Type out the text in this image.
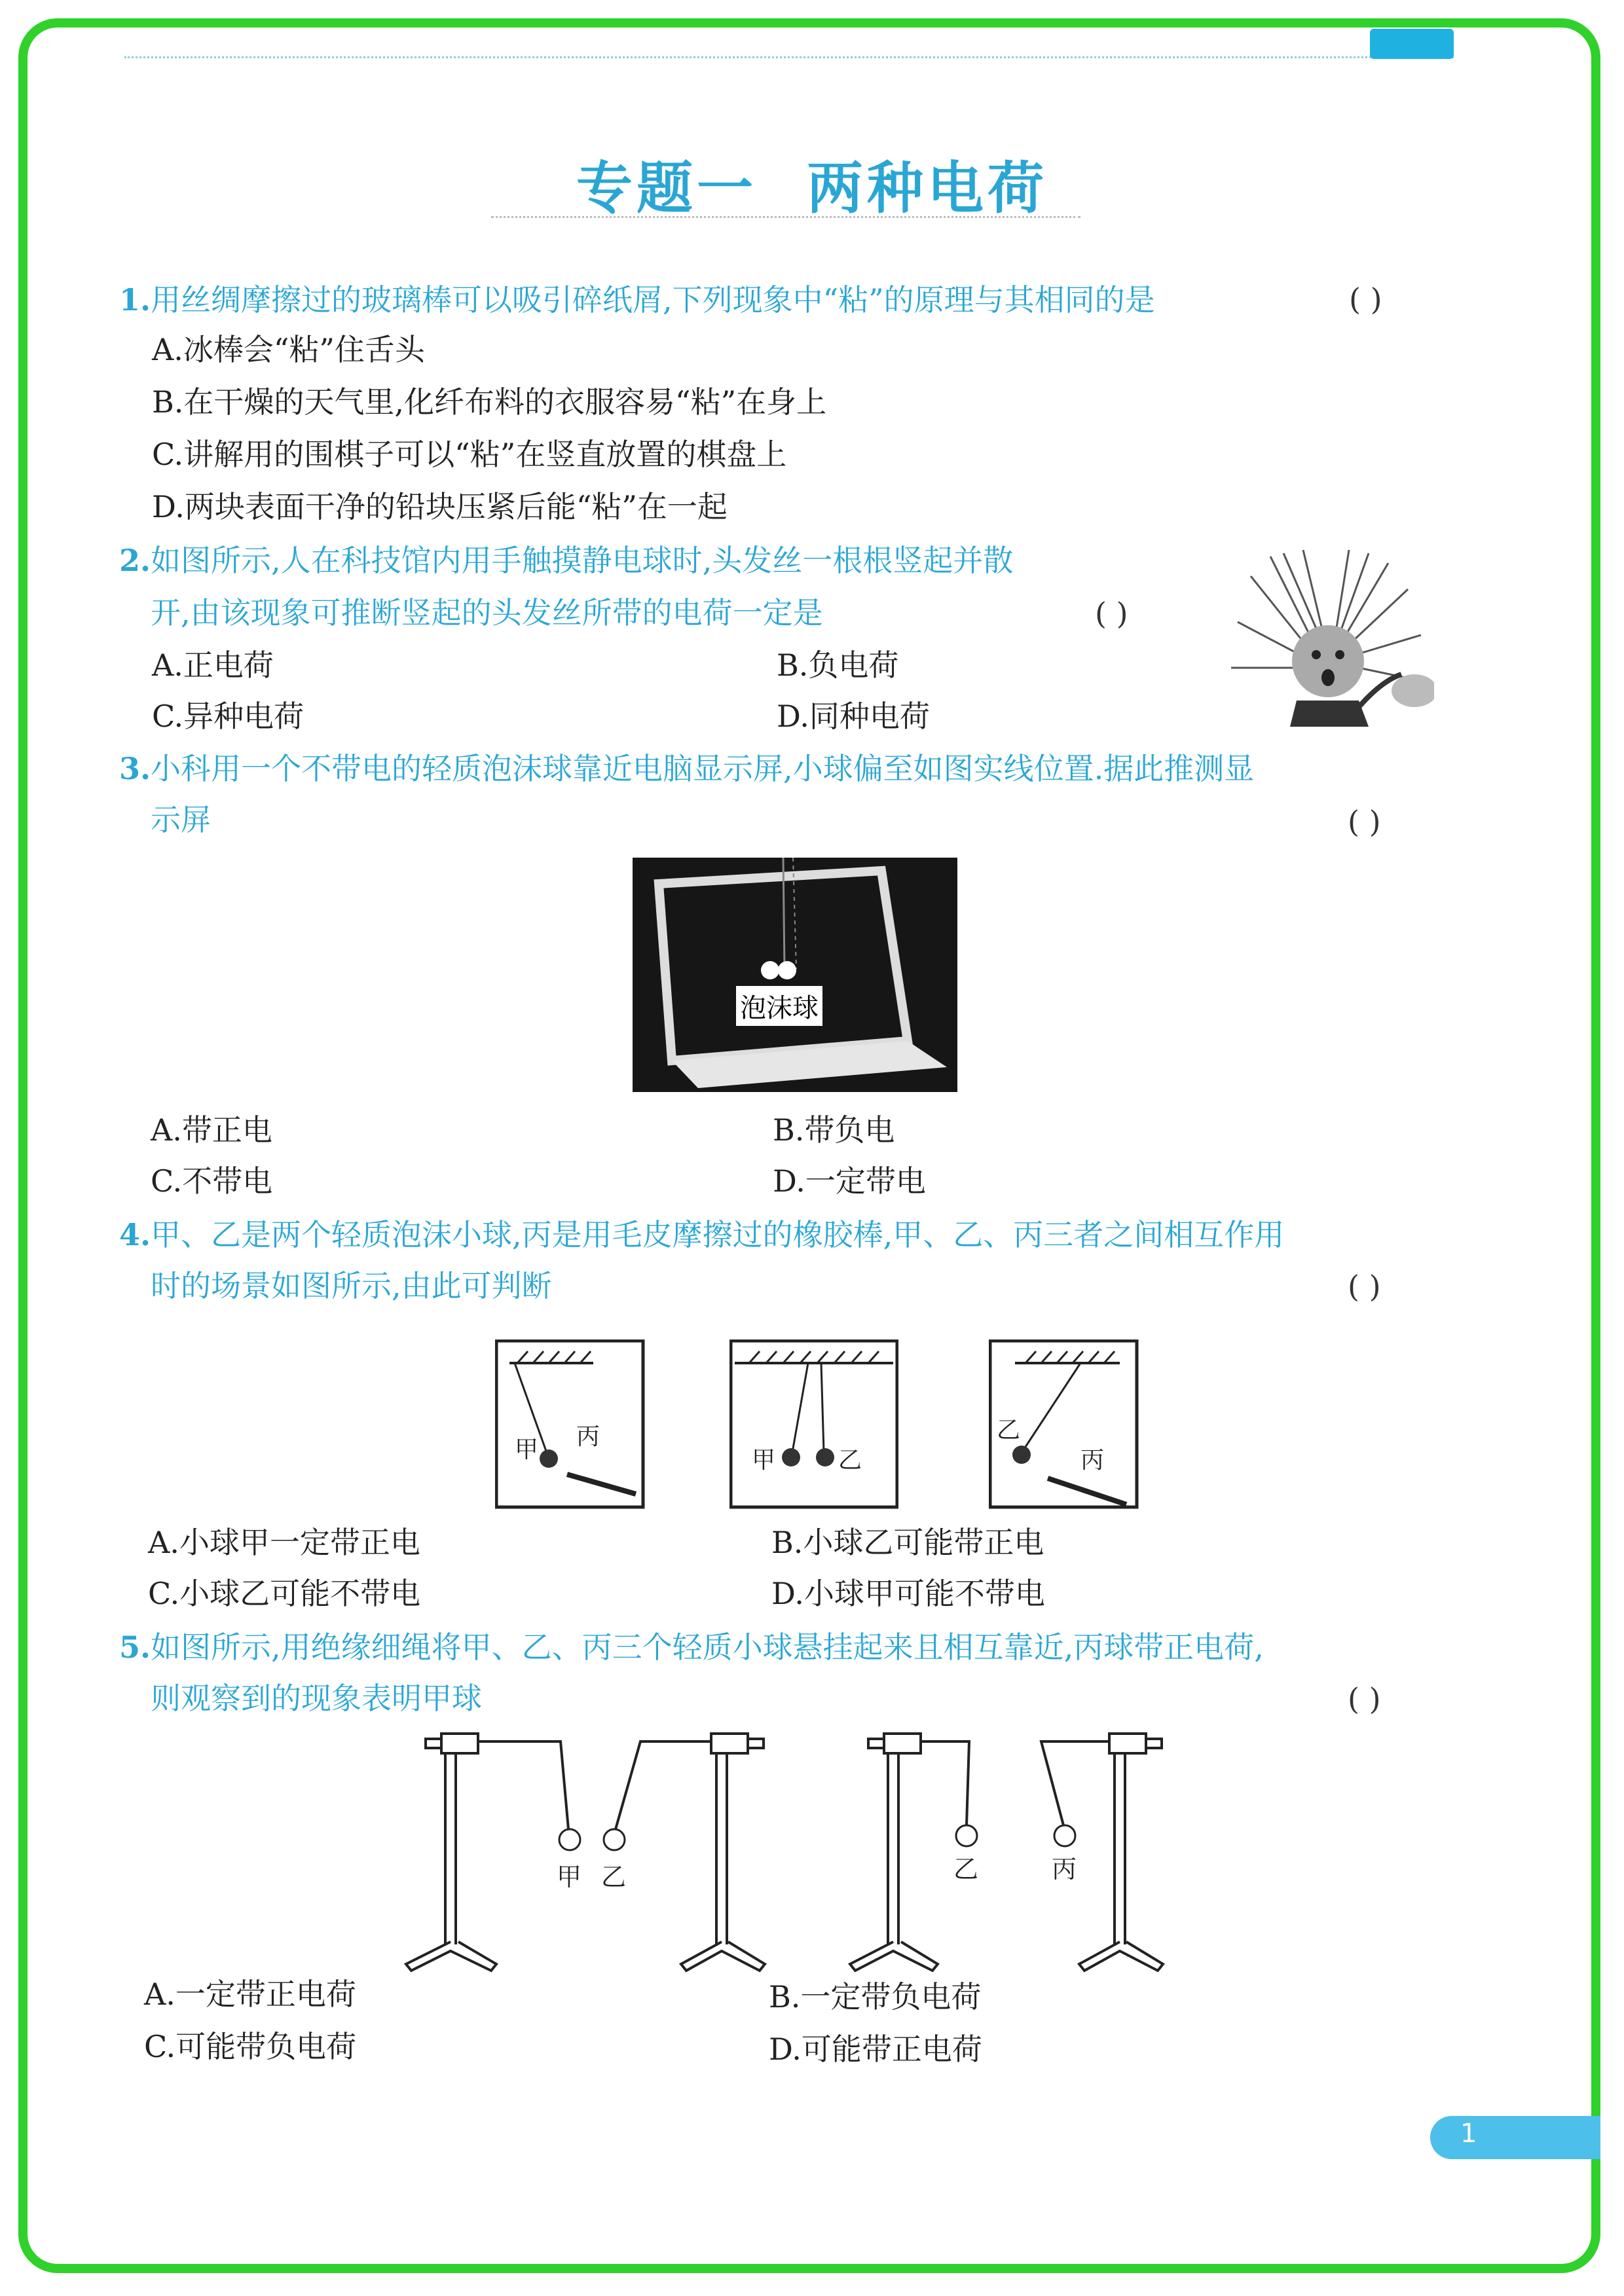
专题一 两种电荷
1.用丝绸摩擦过的玻璃棒可以吸引碎纸屑,下列现象中“粘”的原理与其相同的是	( )
A.冰棒会“粘”住舌头
B.在干燥的天气里,化纤布料的衣服容易“粘”在身上
C.讲解用的围棋子可以“粘”在竖直放置的棋盘上
D.两块表面干净的铅块压紧后能“粘”在一起
2.如图所示,人在科技馆内用手触摸静电球时,头发丝一根根竖起并散
开,由该现象可推断竖起的头发丝所带的电荷一定是	( )
A.正电荷	B.负电荷
C.异种电荷	D.同种电荷
3.小科用一个不带电的轻质泡沫球靠近电脑显示屏,小球偏至如图实线位置.据此推测显
示屏	( )
泡沫球
A.带正电	B.带负电
C.不带电	D.一定带电
4.甲、乙是两个轻质泡沫小球,丙是用毛皮摩擦过的橡胶棒,甲、乙、丙三者之间相互作用
时的场景如图所示,由此可判断	( )
甲 丙
甲	乙
乙
丙
A.小球甲一定带正电	B.小球乙可能带正电
C.小球乙可能不带电	D.小球甲可能不带电
5.如图所示,用绝缘细绳将甲、乙、丙三个轻质小球悬挂起来且相互靠近,丙球带正电荷,
则观察到的现象表明甲球	( )
甲 乙	乙	丙
A.一定带正电荷	B.一定带负电荷
C.可能带负电荷	D.可能带正电荷
1
